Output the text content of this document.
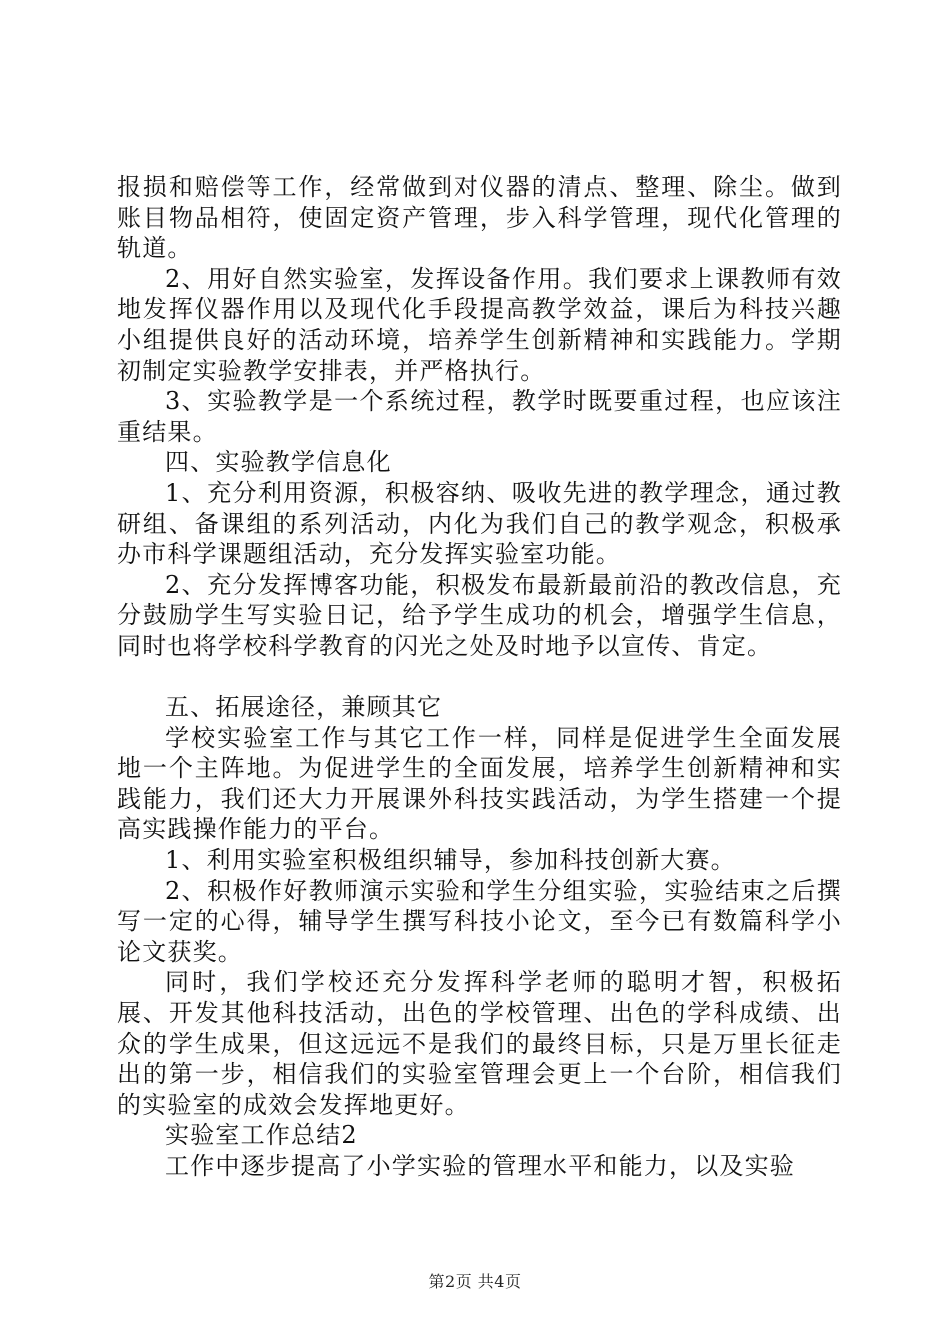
报损和赔偿等工作，经常做到对仪器的清点、整理、除尘。做到账目物品相符，使固定资产管理，步入科学管理，现代化管理的轨道。

2、用好自然实验室，发挥设备作用。我们要求上课教师有效地发挥仪器作用以及现代化手段提高教学效益，课后为科技兴趣小组提供良好的活动环境，培养学生创新精神和实践能力。学期初制定实验教学安排表，并严格执行。

3、实验教学是一个系统过程，教学时既要重过程，也应该注重结果。

四、实验教学信息化

1、充分利用资源，积极容纳、吸收先进的教学理念，通过教研组、备课组的系列活动，内化为我们自己的教学观念，积极承办市科学课题组活动，充分发挥实验室功能。

2、充分发挥博客功能，积极发布最新最前沿的教改信息，充分鼓励学生写实验日记，给予学生成功的机会，增强学生信息，同时也将学校科学教育的闪光之处及时地予以宣传、肯定。

五、拓展途径，兼顾其它

学校实验室工作与其它工作一样，同样是促进学生全面发展地一个主阵地。为促进学生的全面发展，培养学生创新精神和实践能力，我们还大力开展课外科技实践活动，为学生搭建一个提高实践操作能力的平台。

1、利用实验室积极组织辅导，参加科技创新大赛。

2、积极作好教师演示实验和学生分组实验，实验结束之后撰写一定的心得，辅导学生撰写科技小论文，至今已有数篇科学小论文获奖。

同时，我们学校还充分发挥科学老师的聪明才智，积极拓展、开发其他科技活动，出色的学校管理、出色的学科成绩、出众的学生成果，但这远远不是我们的最终目标，只是万里长征走出的第一步，相信我们的实验室管理会更上一个台阶，相信我们的实验室的成效会发挥地更好。

实验室工作总结2

工作中逐步提高了小学实验的管理水平和能力，以及实验

第2页 共4页
